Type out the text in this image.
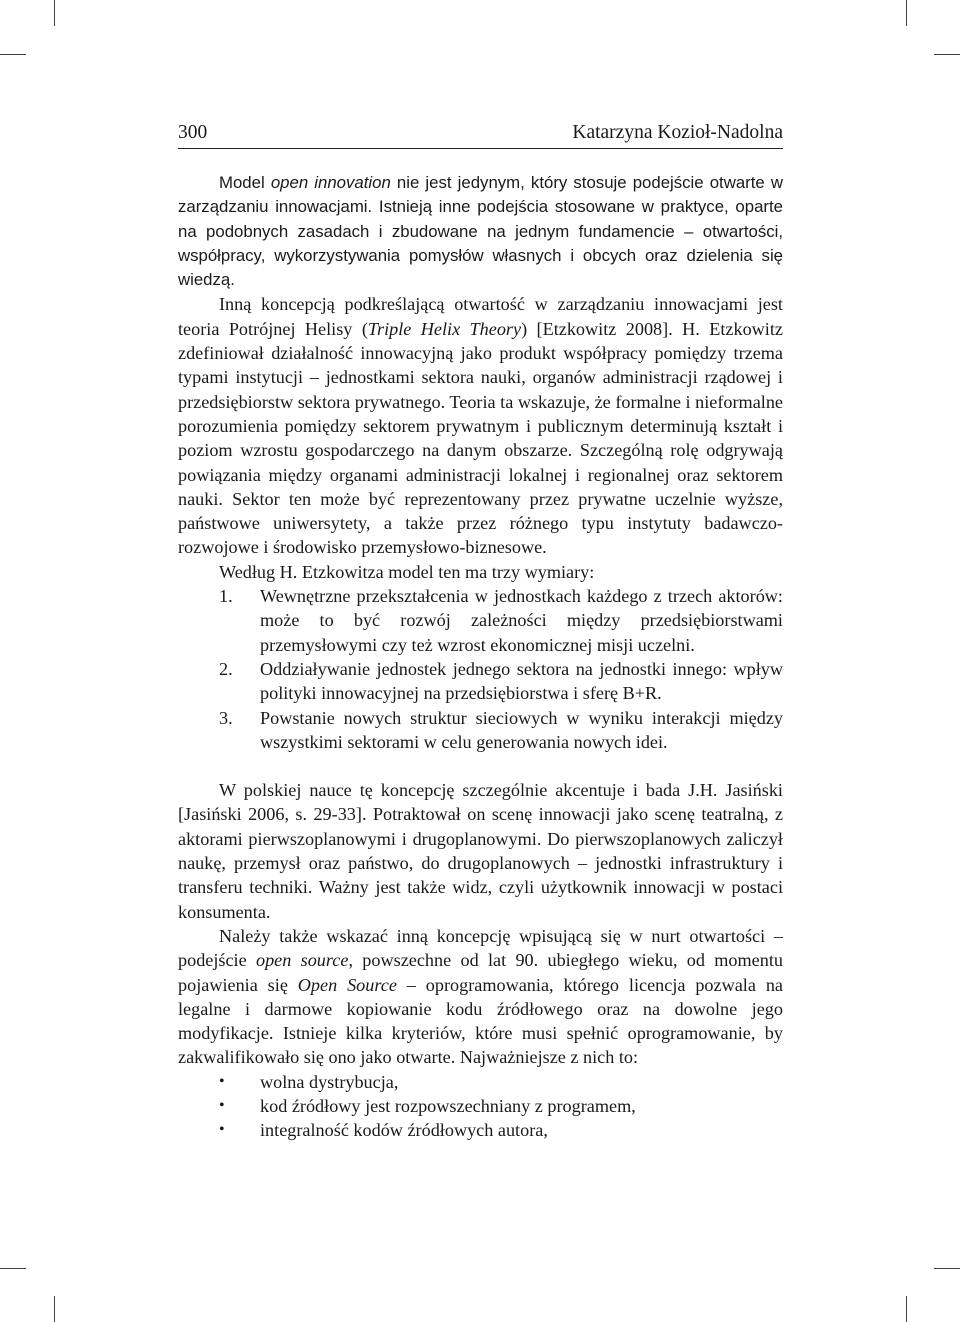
300	Katarzyna Kozioł-Nadolna

Model open innovation nie jest jedynym, który stosuje podejście otwarte w zarządzaniu innowacjami. Istnieją inne podejścia stosowane w praktyce, oparte na podobnych zasadach i zbudowane na jednym fundamencie – otwartości, współpracy, wykorzystywania pomysłów własnych i obcych oraz dzielenia się wiedzą.

Inną koncepcją podkreślającą otwartość w zarządzaniu innowacjami jest teoria Potrójnej Helisy (Triple Helix Theory) [Etzkowitz 2008]. H. Etzkowitz zdefiniował działalność innowacyjną jako produkt współpracy pomiędzy trzema typami instytucji – jednostkami sektora nauki, organów administracji rządowej i przedsiębiorstw sektora prywatnego. Teoria ta wskazuje, że formalne i nieformalne porozumienia pomiędzy sektorem prywatnym i publicznym determinują kształt i poziom wzrostu gospodarczego na danym obszarze. Szczególną rolę odgrywają powiązania między organami administracji lokalnej i regionalnej oraz sektorem nauki. Sektor ten może być reprezentowany przez prywatne uczelnie wyższe, państwowe uniwersytety, a także przez różnego typu instytuty badawczo-rozwojowe i środowisko przemysłowo-biznesowe.

Według H. Etzkowitza model ten ma trzy wymiary:

1. Wewnętrzne przekształcenia w jednostkach każdego z trzech aktorów: może to być rozwój zależności między przedsiębiorstwami przemysłowymi czy też wzrost ekonomicznej misji uczelni.
2. Oddziaływanie jednostek jednego sektora na jednostki innego: wpływ polityki innowacyjnej na przedsiębiorstwa i sferę B+R.
3. Powstanie nowych struktur sieciowych w wyniku interakcji między wszystkimi sektorami w celu generowania nowych idei.

W polskiej nauce tę koncepcję szczególnie akcentuje i bada J.H. Jasiński [Jasiński 2006, s. 29-33]. Potraktował on scenę innowacji jako scenę teatralną, z aktorami pierwszoplanowymi i drugoplanowymi. Do pierwszoplanowych zaliczył naukę, przemysł oraz państwo, do drugoplanowych – jednostki infrastruktury i transferu techniki. Ważny jest także widz, czyli użytkownik innowacji w postaci konsumenta.

Należy także wskazać inną koncepcję wpisującą się w nurt otwartości – podejście open source, powszechne od lat 90. ubiegłego wieku, od momentu pojawienia się Open Source – oprogramowania, którego licencja pozwala na legalne i darmowe kopiowanie kodu źródłowego oraz na dowolne jego modyfikacje. Istnieje kilka kryteriów, które musi spełnić oprogramowanie, by zakwalifikowało się ono jako otwarte. Najważniejsze z nich to:

• wolna dystrybucja,
• kod źródłowy jest rozpowszechniany z programem,
• integralność kodów źródłowych autora,
